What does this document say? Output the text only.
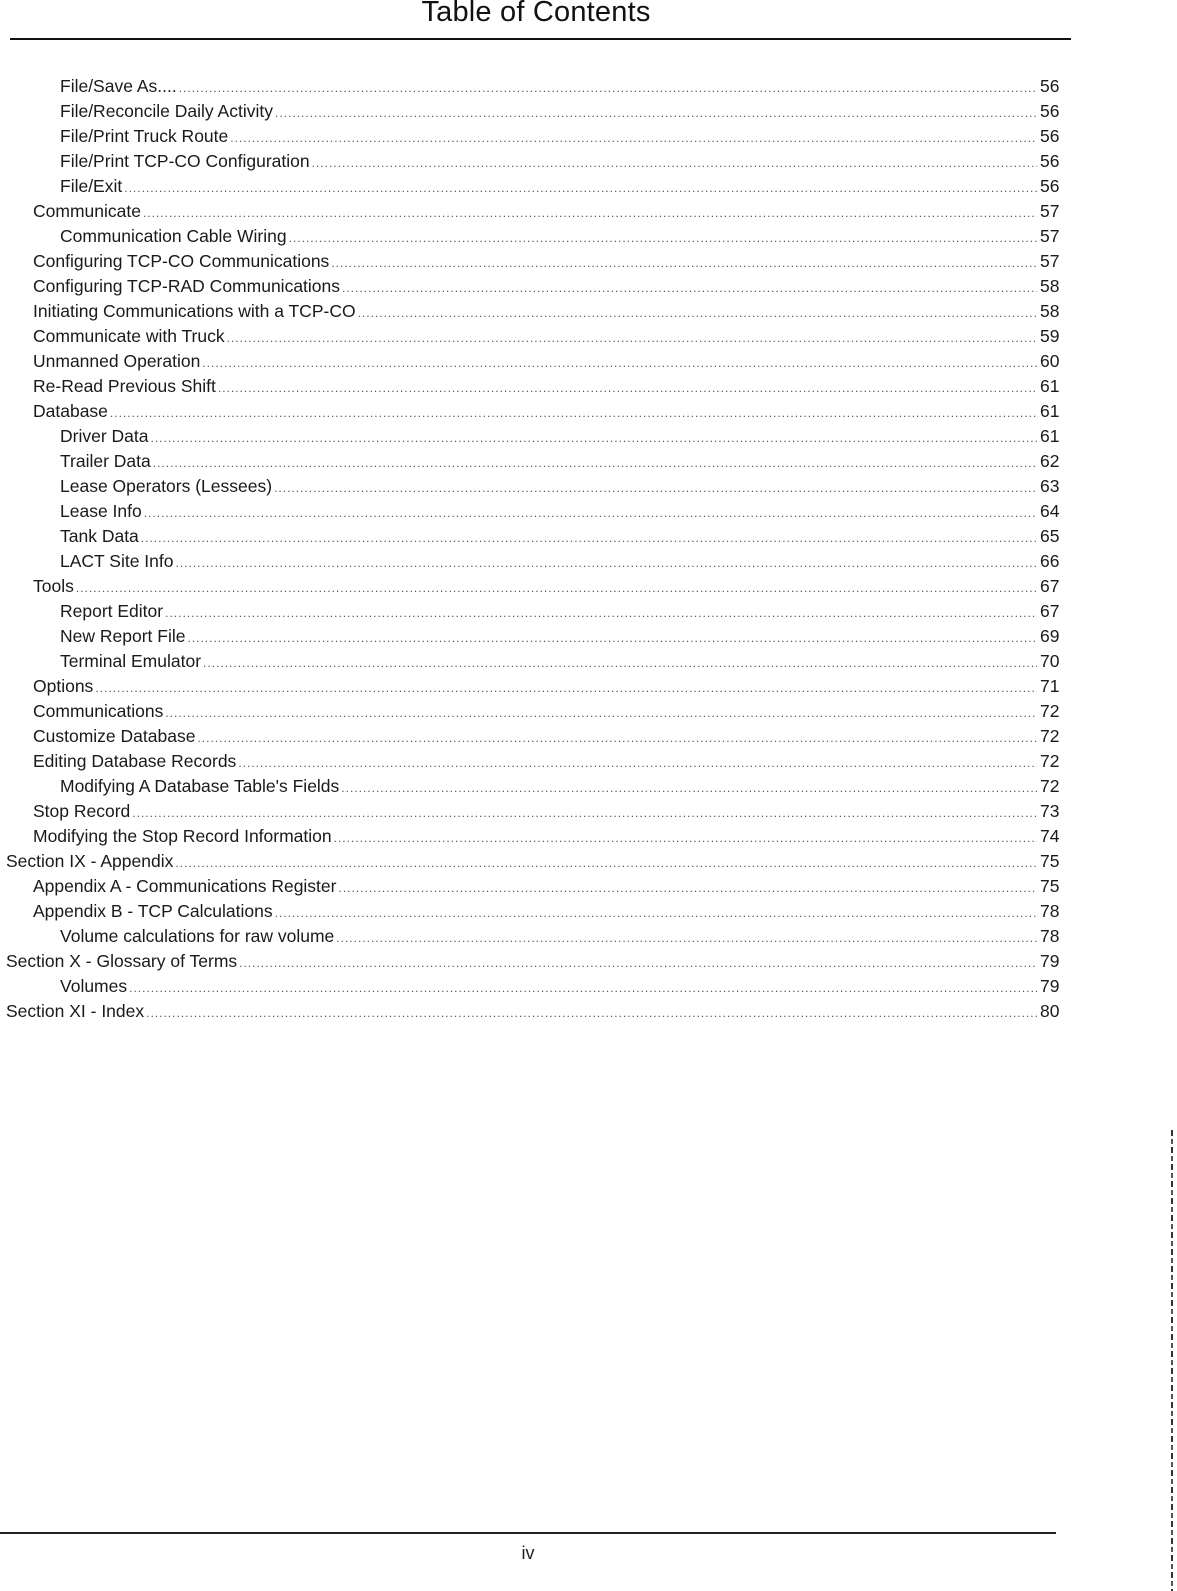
Table of Contents
File/Save As.... .....	56
File/Reconcile Daily Activity .....	56
File/Print Truck Route .....	56
File/Print TCP-CO Configuration .....	56
File/Exit .....	56
Communicate .....	57
Communication Cable Wiring .....	57
Configuring TCP-CO Communications .....	57
Configuring TCP-RAD Communications .....	58
Initiating Communications with a TCP-CO .....	58
Communicate with Truck .....	59
Unmanned Operation .....	60
Re-Read Previous Shift .....	61
Database .....	61
Driver Data .....	61
Trailer Data .....	62
Lease Operators (Lessees) .....	63
Lease Info .....	64
Tank Data .....	65
LACT Site Info .....	66
Tools .....	67
Report Editor .....	67
New Report File .....	69
Terminal Emulator .....	70
Options .....	71
Communications .....	72
Customize Database .....	72
Editing Database Records .....	72
Modifying A Database Table's Fields .....	72
Stop Record .....	73
Modifying the Stop Record Information .....	74
Section IX - Appendix .....	75
Appendix A - Communications Register .....	75
Appendix B - TCP Calculations .....	78
Volume calculations for raw volume .....	78
Section X - Glossary of Terms .....	79
Volumes .....	79
Section XI - Index .....	80
iv
